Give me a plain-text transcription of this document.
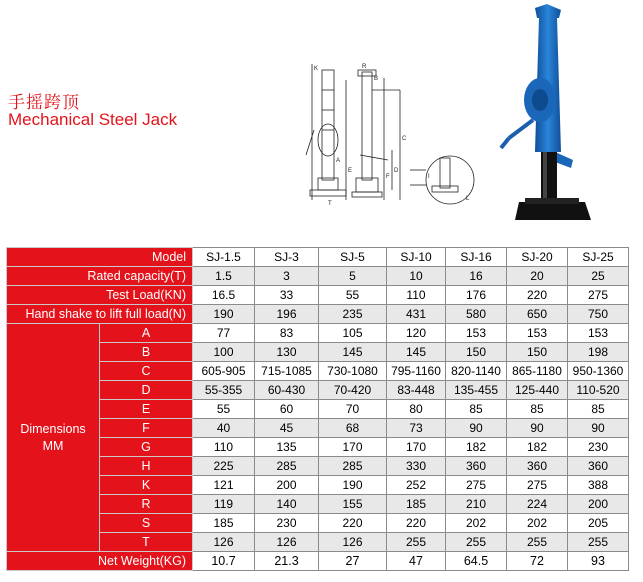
手摇跨顶
Mechanical Steel Jack
K	R
C
A
B
D
E
F
T
L
I
Model		SJ-1.5	SJ-3	SJ-5	SJ-10	SJ-16	SJ-20	SJ-25
Rated capacity(T)		1.5	3	5	10	16	20	25
Test Load(KN)		16.5	33	55	110	176	220	275
Hand shake to lift full load(N)		190	196	235	431	580	650	750

Dimensions
MM	A	77	83	105	120	153	153	153
	B	100	130	145	145	150	150	198
	C	605-905	715-1085	730-1080	795-1160	820-1140	865-1180	950-1360
	D	55-355	60-430	70-420	83-448	135-455	125-440	110-520
	E	55	60	70	80	85	85	85
	F	40	45	68	73	90	90	90
	G	110	135	170	170	182	182	230
	H	225	285	285	330	360	360	360
	K	121	200	190	252	275	275	388
	R	119	140	155	185	210	224	200
	S	185	230	220	220	202	202	205
	T	126	126	126	255	255	255	255
Net Weight(KG)		10.7	21.3	27	47	64.5	72	93
